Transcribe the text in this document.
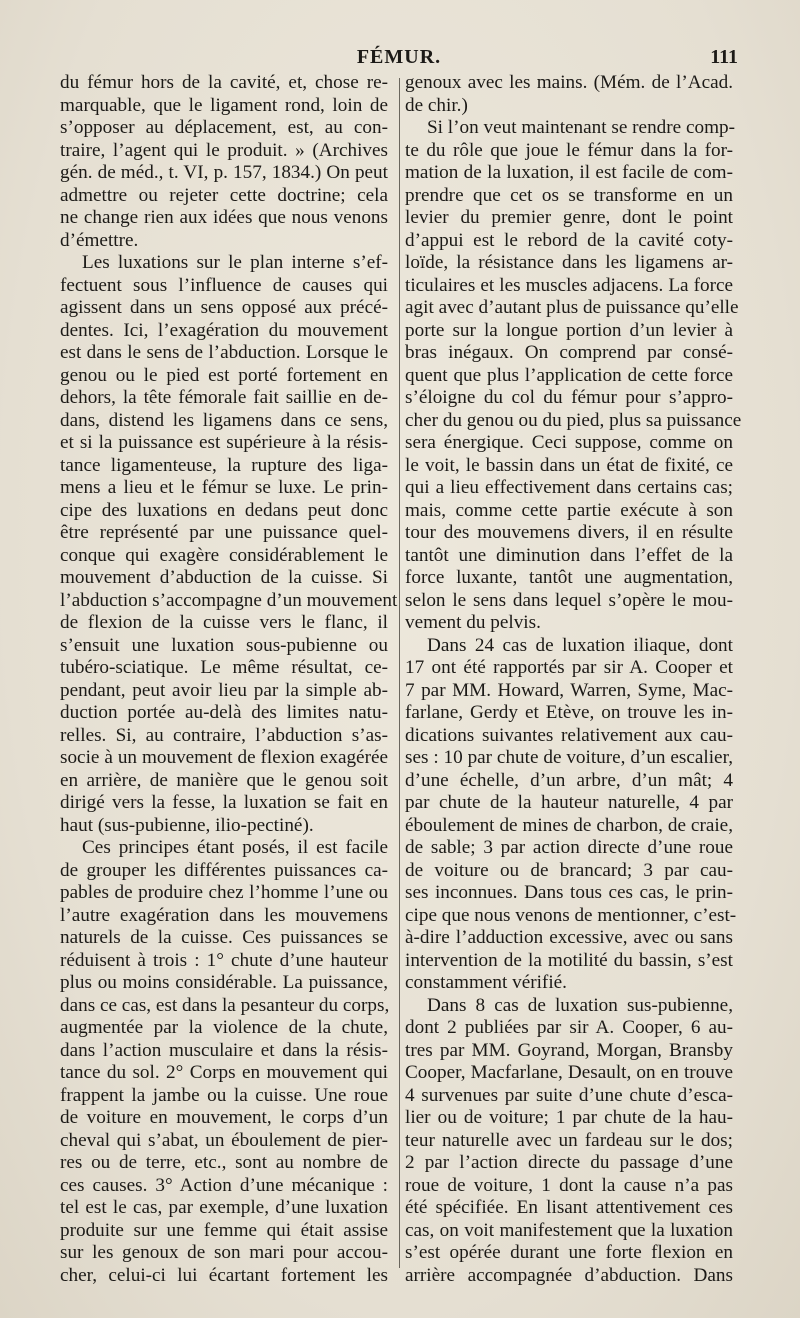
FÉMUR.	111
du fémur hors de la cavité, et, chose re-
marquable, que le ligament rond, loin de
s’opposer au déplacement, est, au con-
traire, l’agent qui le produit. » (Archives
gén. de méd., t. VI, p. 157, 1834.) On peut
admettre ou rejeter cette doctrine; cela
ne change rien aux idées que nous venons
d’émettre.
Les luxations sur le plan interne s’ef-
fectuent sous l’influence de causes qui
agissent dans un sens opposé aux précé-
dentes. Ici, l’exagération du mouvement
est dans le sens de l’abduction. Lorsque le
genou ou le pied est porté fortement en
dehors, la tête fémorale fait saillie en de-
dans, distend les ligamens dans ce sens,
et si la puissance est supérieure à la résis-
tance ligamenteuse, la rupture des liga-
mens a lieu et le fémur se luxe. Le prin-
cipe des luxations en dedans peut donc
être représenté par une puissance quel-
conque qui exagère considérablement le
mouvement d’abduction de la cuisse. Si
l’abduction s’accompagne d’un mouvement
de flexion de la cuisse vers le flanc, il
s’ensuit une luxation sous-pubienne ou
tubéro-sciatique. Le même résultat, ce-
pendant, peut avoir lieu par la simple ab-
duction portée au-delà des limites natu-
relles. Si, au contraire, l’abduction s’as-
socie à un mouvement de flexion exagérée
en arrière, de manière que le genou soit
dirigé vers la fesse, la luxation se fait en
haut (sus-pubienne, ilio-pectiné).
Ces principes étant posés, il est facile
de grouper les différentes puissances ca-
pables de produire chez l’homme l’une ou
l’autre exagération dans les mouvemens
naturels de la cuisse. Ces puissances se
réduisent à trois : 1° chute d’une hauteur
plus ou moins considérable. La puissance,
dans ce cas, est dans la pesanteur du corps,
augmentée par la violence de la chute,
dans l’action musculaire et dans la résis-
tance du sol. 2° Corps en mouvement qui
frappent la jambe ou la cuisse. Une roue
de voiture en mouvement, le corps d’un
cheval qui s’abat, un éboulement de pier-
res ou de terre, etc., sont au nombre de
ces causes. 3° Action d’une mécanique :
tel est le cas, par exemple, d’une luxation
produite sur une femme qui était assise
sur les genoux de son mari pour accou-
cher, celui-ci lui écartant fortement les
genoux avec les mains. (Mém. de l’Acad.
de chir.)
Si l’on veut maintenant se rendre comp-
te du rôle que joue le fémur dans la for-
mation de la luxation, il est facile de com-
prendre que cet os se transforme en un
levier du premier genre, dont le point
d’appui est le rebord de la cavité coty-
loïde, la résistance dans les ligamens ar-
ticulaires et les muscles adjacens. La force
agit avec d’autant plus de puissance qu’elle
porte sur la longue portion d’un levier à
bras inégaux. On comprend par consé-
quent que plus l’application de cette force
s’éloigne du col du fémur pour s’appro-
cher du genou ou du pied, plus sa puissance
sera énergique. Ceci suppose, comme on
le voit, le bassin dans un état de fixité, ce
qui a lieu effectivement dans certains cas;
mais, comme cette partie exécute à son
tour des mouvemens divers, il en résulte
tantôt une diminution dans l’effet de la
force luxante, tantôt une augmentation,
selon le sens dans lequel s’opère le mou-
vement du pelvis.
Dans 24 cas de luxation iliaque, dont
17 ont été rapportés par sir A. Cooper et
7 par MM. Howard, Warren, Syme, Mac-
farlane, Gerdy et Etève, on trouve les in-
dications suivantes relativement aux cau-
ses : 10 par chute de voiture, d’un escalier,
d’une échelle, d’un arbre, d’un mât; 4
par chute de la hauteur naturelle, 4 par
éboulement de mines de charbon, de craie,
de sable; 3 par action directe d’une roue
de voiture ou de brancard; 3 par cau-
ses inconnues. Dans tous ces cas, le prin-
cipe que nous venons de mentionner, c’est-
à-dire l’adduction excessive, avec ou sans
intervention de la motilité du bassin, s’est
constamment vérifié.
Dans 8 cas de luxation sus-pubienne,
dont 2 publiées par sir A. Cooper, 6 au-
tres par MM. Goyrand, Morgan, Bransby
Cooper, Macfarlane, Desault, on en trouve
4 survenues par suite d’une chute d’esca-
lier ou de voiture; 1 par chute de la hau-
teur naturelle avec un fardeau sur le dos;
2 par l’action directe du passage d’une
roue de voiture, 1 dont la cause n’a pas
été spécifiée. En lisant attentivement ces
cas, on voit manifestement que la luxation
s’est opérée durant une forte flexion en
arrière accompagnée d’abduction. Dans
